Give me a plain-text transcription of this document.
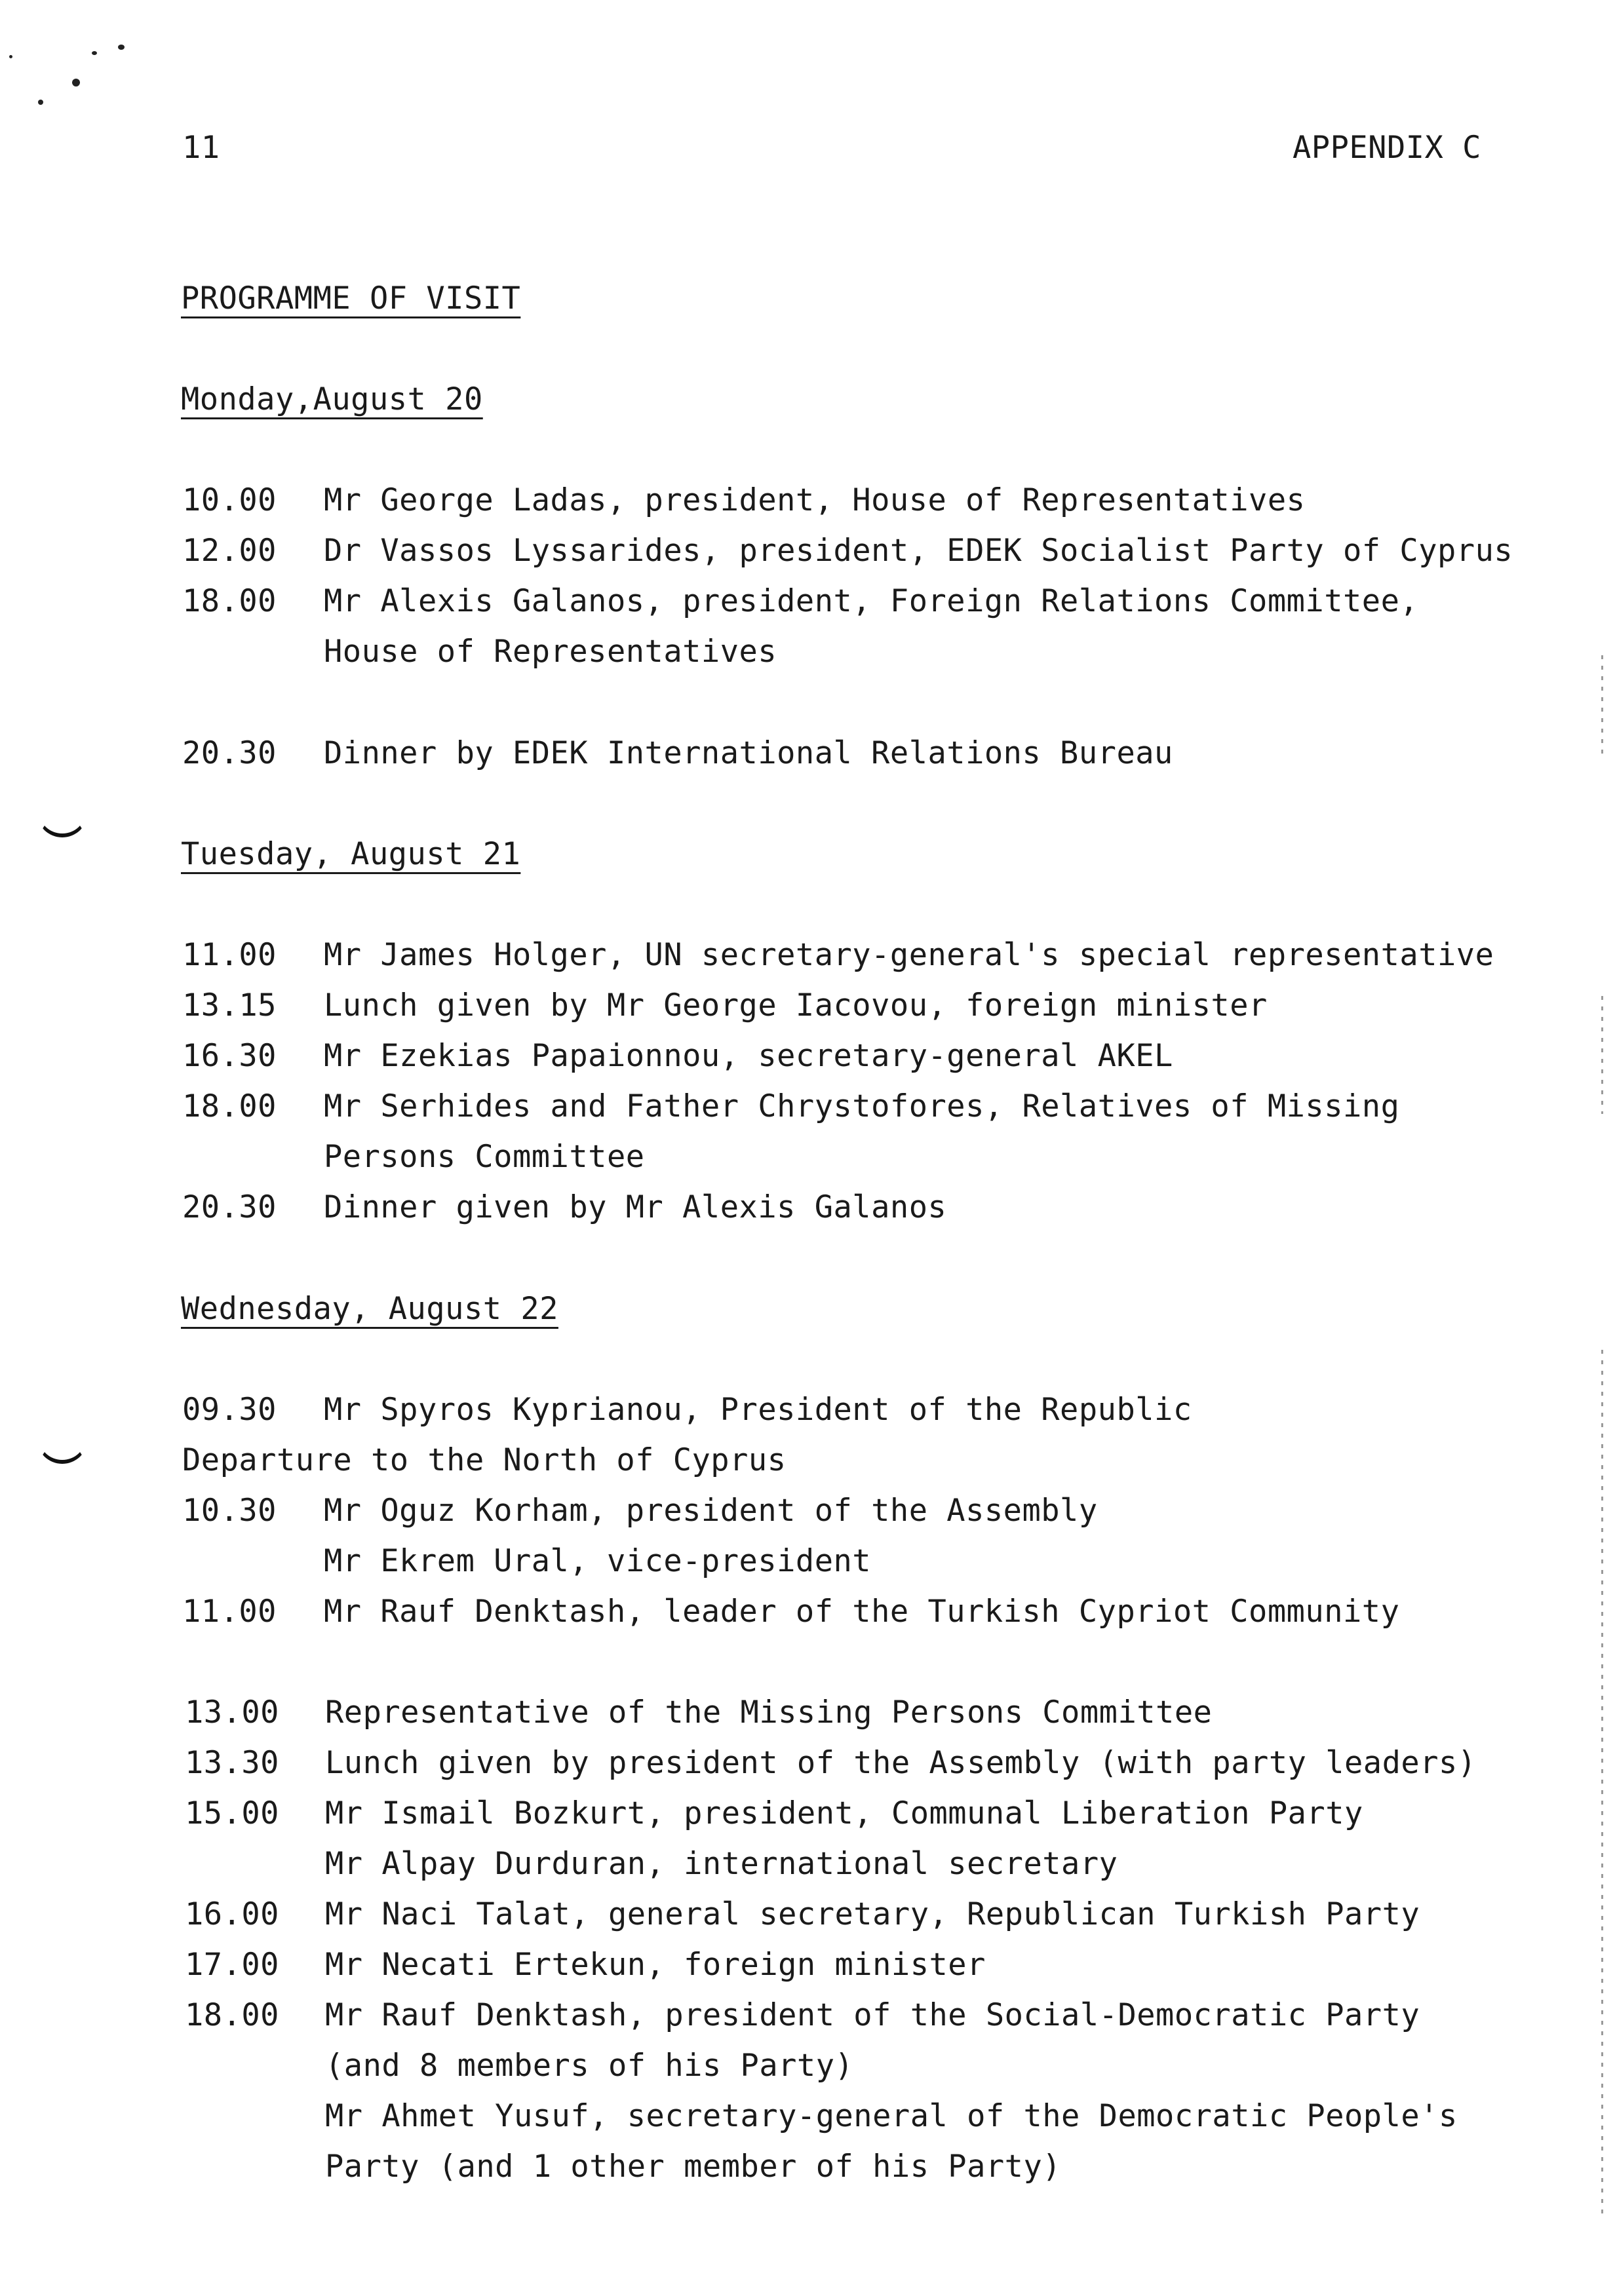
11	APPENDIX C
PROGRAMME OF VISIT
Monday,August 20
10.00 Mr George Ladas, president, House of Representatives
12.00 Dr Vassos Lyssarides, president, EDEK Socialist Party of Cyprus
18.00 Mr Alexis Galanos, president, Foreign Relations Committee,
House of Representatives
20.30 Dinner by EDEK International Relations Bureau
Tuesday, August 21
11.00 Mr James Holger, UN secretary-general's special representative
13.15 Lunch given by Mr George Iacovou, foreign minister
16.30 Mr Ezekias Papaionnou, secretary-general AKEL
18.00 Mr Serhides and Father Chrystofores, Relatives of Missing
Persons Committee
20.30 Dinner given by Mr Alexis Galanos
Wednesday, August 22
09.30 Mr Spyros Kyprianou, President of the Republic
Departure to the North of Cyprus
10.30 Mr Oguz Korham, president of the Assembly
Mr Ekrem Ural, vice-president
11.00 Mr Rauf Denktash, leader of the Turkish Cypriot Community
13.00 Representative of the Missing Persons Committee
13.30 Lunch given by president of the Assembly (with party leaders)
15.00 Mr Ismail Bozkurt, president, Communal Liberation Party
Mr Alpay Durduran, international secretary
16.00 Mr Naci Talat, general secretary, Republican Turkish Party
17.00 Mr Necati Ertekun, foreign minister
18.00 Mr Rauf Denktash, president of the Social-Democratic Party
(and 8 members of his Party)
Mr Ahmet Yusuf, secretary-general of the Democratic People's
Party (and 1 other member of his Party)
